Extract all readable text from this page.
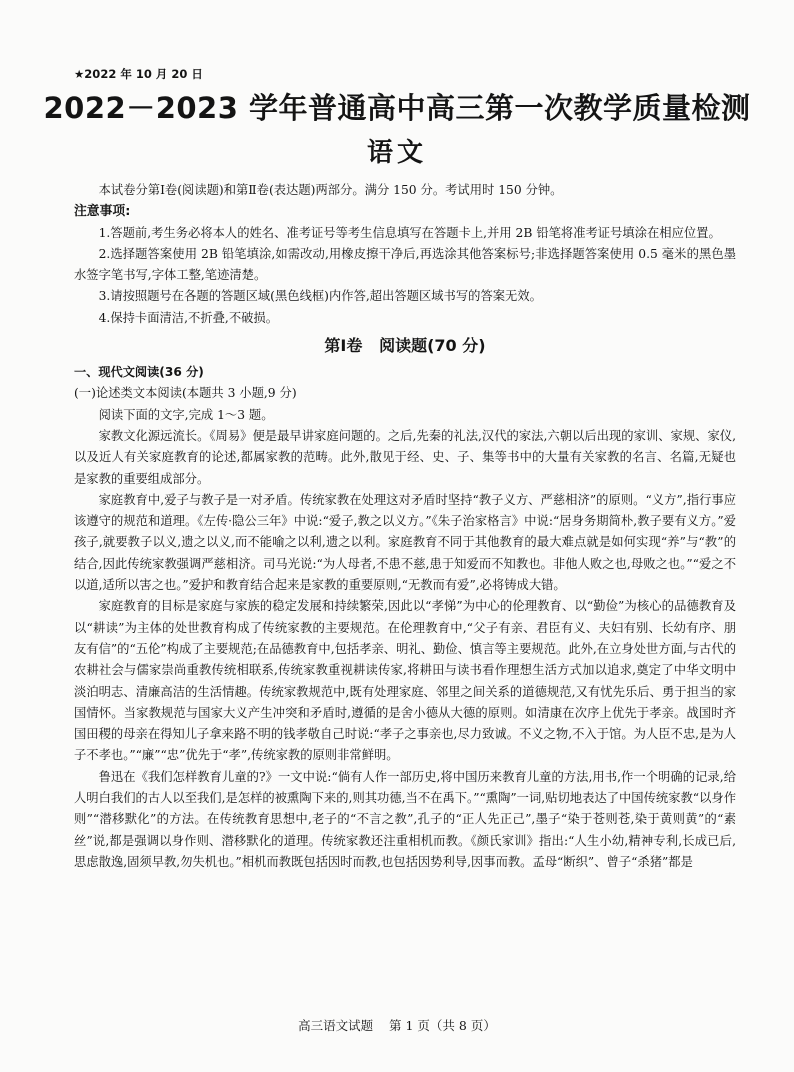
★2022 年 10 月 20 日
2022－2023 学年普通高中高三第一次教学质量检测
语文

本试卷分第Ⅰ卷(阅读题)和第Ⅱ卷(表达题)两部分。满分 150 分。考试用时 150 分钟。

注意事项:

1.答题前,考生务必将本人的姓名、准考证号等考生信息填写在答题卡上,并用 2B 铅笔将准考证号填涂在相应位置。

2.选择题答案使用 2B 铅笔填涂,如需改动,用橡皮擦干净后,再选涂其他答案标号;非选择题答案使用 0.5 毫米的黑色墨水签字笔书写,字体工整,笔迹清楚。

3.请按照题号在各题的答题区域(黑色线框)内作答,超出答题区域书写的答案无效。

4.保持卡面清洁,不折叠,不破损。

第Ⅰ卷   阅读题(70 分)

一、现代文阅读(36 分)

(一)论述类文本阅读(本题共 3 小题,9 分)

阅读下面的文字,完成 1～3 题。

家教文化源远流长。《周易》便是最早讲家庭问题的。之后,先秦的礼法,汉代的家法,六朝以后出现的家训、家规、家仪,以及近人有关家庭教育的论述,都属家教的范畴。此外,散见于经、史、子、集等书中的大量有关家教的名言、名篇,无疑也是家教的重要组成部分。

家庭教育中,爱子与教子是一对矛盾。传统家教在处理这对矛盾时坚持“教子义方、严慈相济”的原则。“义方”,指行事应该遵守的规范和道理。《左传·隐公三年》中说:“爱子,教之以义方。”《朱子治家格言》中说:“居身务期简朴,教子要有义方。”爱孩子,就要教子以义,遗之以义,而不能喻之以利,遗之以利。家庭教育不同于其他教育的最大难点就是如何实现“养”与“教”的结合,因此传统家教强调严慈相济。司马光说:“为人母者,不患不慈,患于知爱而不知教也。非他人败之也,母败之也。”“爱之不以道,适所以害之也。”爱护和教育结合起来是家教的重要原则,“无教而有爱”,必将铸成大错。

家庭教育的目标是家庭与家族的稳定发展和持续繁荣,因此以“孝悌”为中心的伦理教育、以“勤俭”为核心的品德教育及以“耕读”为主体的处世教育构成了传统家教的主要规范。在伦理教育中,“父子有亲、君臣有义、夫妇有别、长幼有序、朋友有信”的“五伦”构成了主要规范;在品德教育中,包括孝亲、明礼、勤俭、慎言等主要规范。此外,在立身处世方面,与古代的农耕社会与儒家崇尚重教传统相联系,传统家教重视耕读传家,将耕田与读书看作理想生活方式加以追求,奠定了中华文明中淡泊明志、清廉高洁的生活情趣。传统家教规范中,既有处理家庭、邻里之间关系的道德规范,又有忧先乐后、勇于担当的家国情怀。当家教规范与国家大义产生冲突和矛盾时,遵循的是舍小德从大德的原则。如清康在次序上优先于孝亲。战国时齐国田稷的母亲在得知儿子拿来路不明的钱孝敬自己时说:“孝子之事亲也,尽力致诚。不义之物,不入于馆。为人臣不忠,是为人子不孝也。”“廉”“忠”优先于“孝”,传统家教的原则非常鲜明。

鲁迅在《我们怎样教育儿童的?》一文中说:“倘有人作一部历史,将中国历来教育儿童的方法,用书,作一个明确的记录,给人明白我们的古人以至我们,是怎样的被熏陶下来的,则其功德,当不在禹下。”“熏陶”一词,贴切地表达了中国传统家教“以身作则”“潜移默化”的方法。在传统教育思想中,老子的“不言之教”,孔子的“正人先正己”,墨子“染于苍则苍,染于黄则黄”的“素丝”说,都是强调以身作则、潜移默化的道理。传统家教还注重相机而教。《颜氏家训》指出:“人生小幼,精神专利,长成已后,思虑散逸,固须早教,勿失机也。”相机而教既包括因时而教,也包括因势利导,因事而教。孟母“断织”、曾子“杀猪”都是

高三语文试题    第 1 页（共 8 页）
